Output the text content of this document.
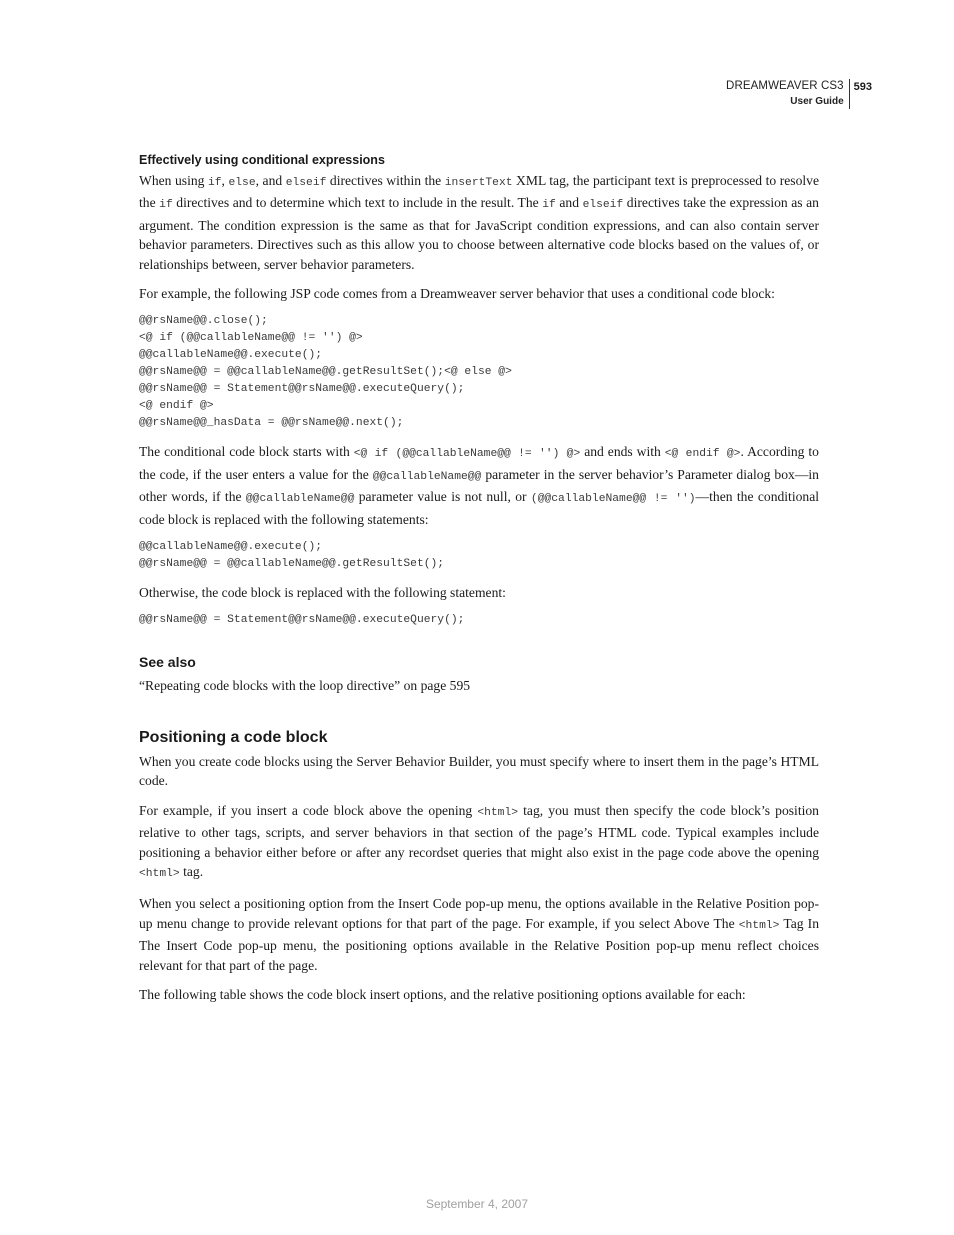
DREAMWEAVER CS3
User Guide
593
Effectively using conditional expressions

When using if, else, and elseif directives within the insertText XML tag, the participant text is preprocessed to resolve the if directives and to determine which text to include in the result. The if and elseif directives take the expression as an argument. The condition expression is the same as that for JavaScript condition expressions, and can also contain server behavior parameters. Directives such as this allow you to choose between alternative code blocks based on the values of, or relationships between, server behavior parameters.

For example, the following JSP code comes from a Dreamweaver server behavior that uses a conditional code block:

@@rsName@@.close();
<@ if (@@callableName@@ != '') @>
@@callableName@@.execute();
@@rsName@@ = @@callableName@@.getResultSet();<@ else @>
@@rsName@@ = Statement@@rsName@@.executeQuery();
<@ endif @>
@@rsName@@_hasData = @@rsName@@.next();

The conditional code block starts with <@ if (@@callableName@@ != '') @> and ends with <@ endif @>. According to the code, if the user enters a value for the @@callableName@@ parameter in the server behavior’s Parameter dialog box—in other words, if the @@callableName@@ parameter value is not null, or (@@callableName@@ != '')—then the conditional code block is replaced with the following statements:

@@callableName@@.execute();
@@rsName@@ = @@callableName@@.getResultSet();

Otherwise, the code block is replaced with the following statement:

@@rsName@@ = Statement@@rsName@@.executeQuery();
See also

“Repeating code blocks with the loop directive” on page 595

Positioning a code block

When you create code blocks using the Server Behavior Builder, you must specify where to insert them in the page’s HTML code.

For example, if you insert a code block above the opening <html> tag, you must then specify the code block’s position relative to other tags, scripts, and server behaviors in that section of the page’s HTML code. Typical examples include positioning a behavior either before or after any recordset queries that might also exist in the page code above the opening <html> tag.

When you select a positioning option from the Insert Code pop-up menu, the options available in the Relative Position pop-up menu change to provide relevant options for that part of the page. For example, if you select Above The <html> Tag In The Insert Code pop-up menu, the positioning options available in the Relative Position pop-up menu reflect choices relevant for that part of the page.

The following table shows the code block insert options, and the relative positioning options available for each:

September 4, 2007
